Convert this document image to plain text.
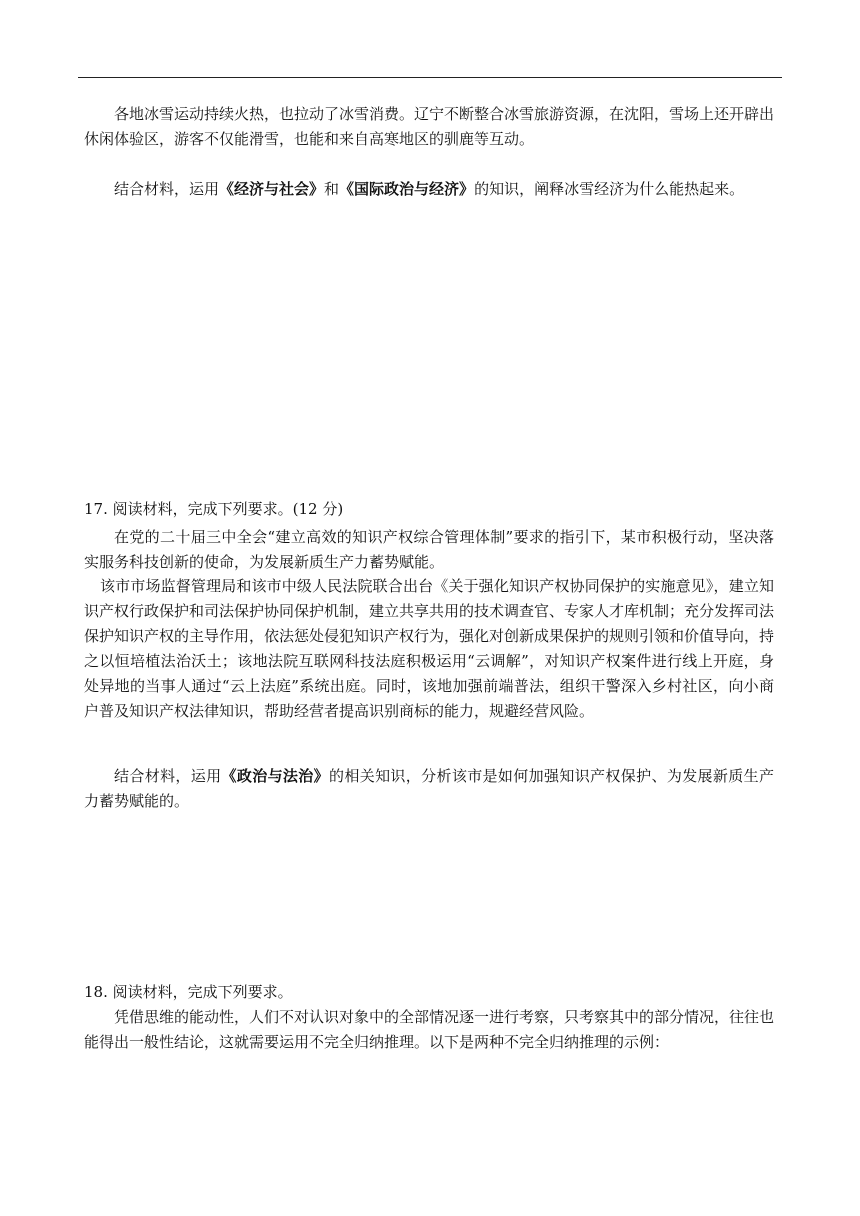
各地冰雪运动持续火热，也拉动了冰雪消费。辽宁不断整合冰雪旅游资源，在沈阳，雪场上还开辟出休闲体验区，游客不仅能滑雪，也能和来自高寒地区的驯鹿等互动。

结合材料，运用《经济与社会》和《国际政治与经济》的知识，阐释冰雪经济为什么能热起来。

17. 阅读材料，完成下列要求。(12 分)

在党的二十届三中全会“建立高效的知识产权综合管理体制”要求的指引下，某市积极行动，坚决落实服务科技创新的使命，为发展新质生产力蓄势赋能。

该市市场监督管理局和该市中级人民法院联合出台《关于强化知识产权协同保护的实施意见》，建立知识产权行政保护和司法保护协同保护机制，建立共享共用的技术调查官、专家人才库机制；充分发挥司法保护知识产权的主导作用，依法惩处侵犯知识产权行为，强化对创新成果保护的规则引领和价值导向，持之以恒培植法治沃土；该地法院互联网科技法庭积极运用“云调解”，对知识产权案件进行线上开庭，身处异地的当事人通过“云上法庭”系统出庭。同时，该地加强前端普法，组织干警深入乡村社区，向小商户普及知识产权法律知识，帮助经营者提高识别商标的能力，规避经营风险。

结合材料，运用《政治与法治》的相关知识，分析该市是如何加强知识产权保护、为发展新质生产力蓄势赋能的。

18. 阅读材料，完成下列要求。

凭借思维的能动性，人们不对认识对象中的全部情况逐一进行考察，只考察其中的部分情况，往往也能得出一般性结论，这就需要运用不完全归纳推理。以下是两种不完全归纳推理的示例：
